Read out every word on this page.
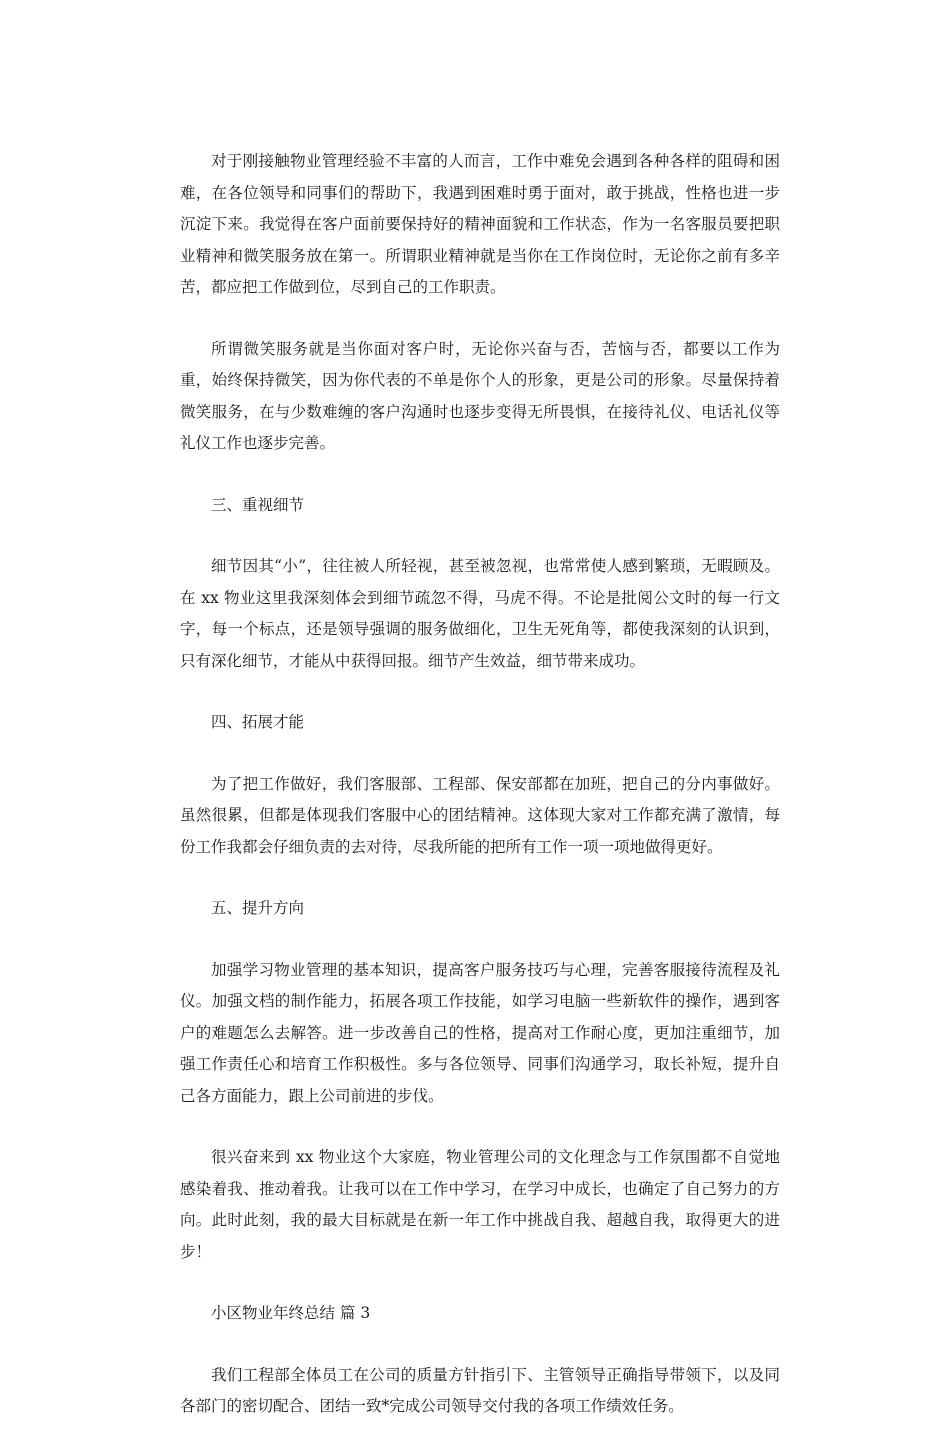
对于刚接触物业管理经验不丰富的人而言，工作中难免会遇到各种各样的阻碍和困难，在各位领导和同事们的帮助下，我遇到困难时勇于面对，敢于挑战，性格也进一步沉淀下来。我觉得在客户面前要保持好的精神面貌和工作状态，作为一名客服员要把职业精神和微笑服务放在第一。所谓职业精神就是当你在工作岗位时，无论你之前有多辛苦，都应把工作做到位，尽到自己的工作职责。

所谓微笑服务就是当你面对客户时，无论你兴奋与否，苦恼与否，都要以工作为重，始终保持微笑，因为你代表的不单是你个人的形象，更是公司的形象。尽量保持着微笑服务，在与少数难缠的客户沟通时也逐步变得无所畏惧，在接待礼仪、电话礼仪等礼仪工作也逐步完善。

三、重视细节

细节因其“小”，往往被人所轻视，甚至被忽视，也常常使人感到繁琐，无暇顾及。在 xx 物业这里我深刻体会到细节疏忽不得，马虎不得。不论是批阅公文时的每一行文字，每一个标点，还是领导强调的服务做细化，卫生无死角等，都使我深刻的认识到，只有深化细节，才能从中获得回报。细节产生效益，细节带来成功。

四、拓展才能

为了把工作做好，我们客服部、工程部、保安部都在加班，把自己的分内事做好。虽然很累，但都是体现我们客服中心的团结精神。这体现大家对工作都充满了激情，每份工作我都会仔细负责的去对待，尽我所能的把所有工作一项一项地做得更好。

五、提升方向

加强学习物业管理的基本知识，提高客户服务技巧与心理，完善客服接待流程及礼仪。加强文档的制作能力，拓展各项工作技能，如学习电脑一些新软件的操作，遇到客户的难题怎么去解答。进一步改善自己的性格，提高对工作耐心度，更加注重细节，加强工作责任心和培育工作积极性。多与各位领导、同事们沟通学习，取长补短，提升自己各方面能力，跟上公司前进的步伐。

很兴奋来到 xx 物业这个大家庭，物业管理公司的文化理念与工作氛围都不自觉地感染着我、推动着我。让我可以在工作中学习，在学习中成长，也确定了自己努力的方向。此时此刻，我的最大目标就是在新一年工作中挑战自我、超越自我，取得更大的进步！

小区物业年终总结 篇 3

我们工程部全体员工在公司的质量方针指引下、主管领导正确指导带领下，以及同各部门的密切配合、团结一致*完成公司领导交付我的各项工作绩效任务。
